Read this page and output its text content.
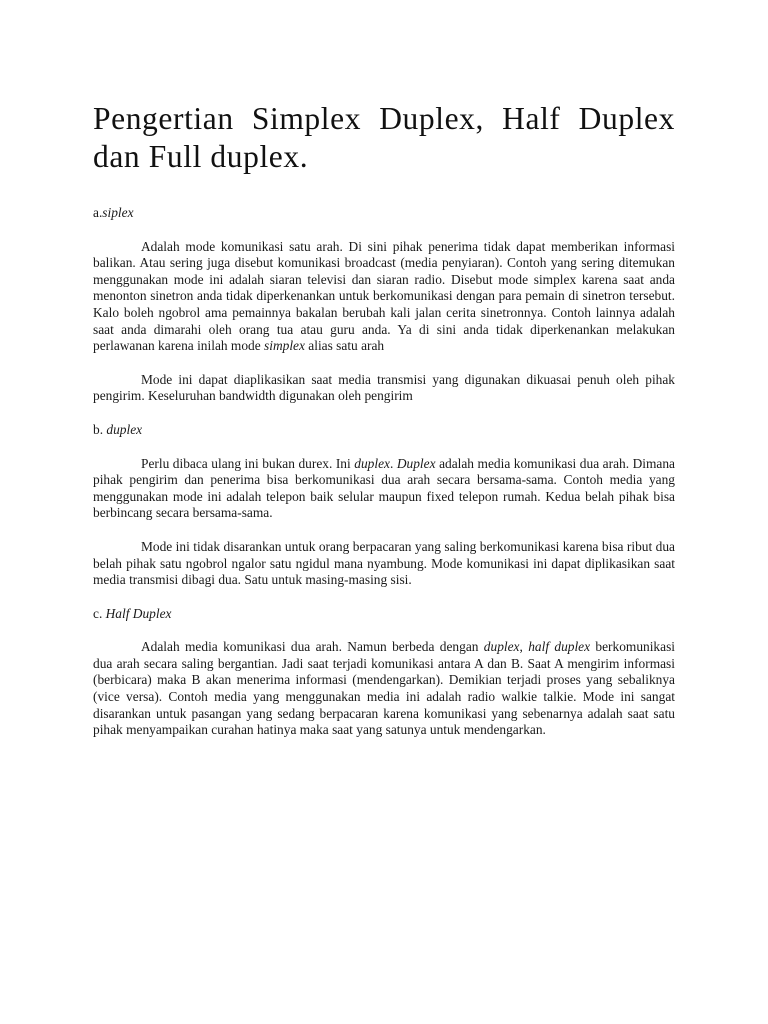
Pengertian Simplex Duplex, Half Duplex dan Full duplex.
a.siplex

Adalah mode komunikasi satu arah. Di sini pihak penerima tidak dapat memberikan informasi balikan. Atau sering juga disebut komunikasi broadcast (media penyiaran). Contoh yang sering ditemukan menggunakan mode ini adalah siaran televisi dan siaran radio. Disebut mode simplex karena saat anda menonton sinetron anda tidak diperkenankan untuk berkomunikasi dengan para pemain di sinetron tersebut. Kalo boleh ngobrol ama pemainnya bakalan berubah kali jalan cerita sinetronnya. Contoh lainnya adalah saat anda dimarahi oleh orang tua atau guru anda. Ya di sini anda tidak diperkenankan melakukan perlawanan karena inilah mode simplex alias satu arah

Mode ini dapat diaplikasikan saat media transmisi yang digunakan dikuasai penuh oleh pihak pengirim. Keseluruhan bandwidth digunakan oleh pengirim

b. duplex

Perlu dibaca ulang ini bukan durex. Ini duplex. Duplex adalah media komunikasi dua arah. Dimana pihak pengirim dan penerima bisa berkomunikasi dua arah secara bersama-sama. Contoh media yang menggunakan mode ini adalah telepon baik selular maupun fixed telepon rumah. Kedua belah pihak bisa berbincang secara bersama-sama.

Mode ini tidak disarankan untuk orang berpacaran yang saling berkomunikasi karena bisa ribut dua belah pihak satu ngobrol ngalor satu ngidul mana nyambung. Mode komunikasi ini dapat diplikasikan saat media transmisi dibagi dua. Satu untuk masing-masing sisi.

c. Half Duplex

Adalah media komunikasi dua arah. Namun berbeda dengan duplex, half duplex berkomunikasi dua arah secara saling bergantian. Jadi saat terjadi komunikasi antara A dan B. Saat A mengirim informasi (berbicara) maka B akan menerima informasi (mendengarkan). Demikian terjadi proses yang sebaliknya (vice versa). Contoh media yang menggunakan media ini adalah radio walkie talkie. Mode ini sangat disarankan untuk pasangan yang sedang berpacaran karena komunikasi yang sebenarnya adalah saat satu pihak menyampaikan curahan hatinya maka saat yang satunya untuk mendengarkan.
